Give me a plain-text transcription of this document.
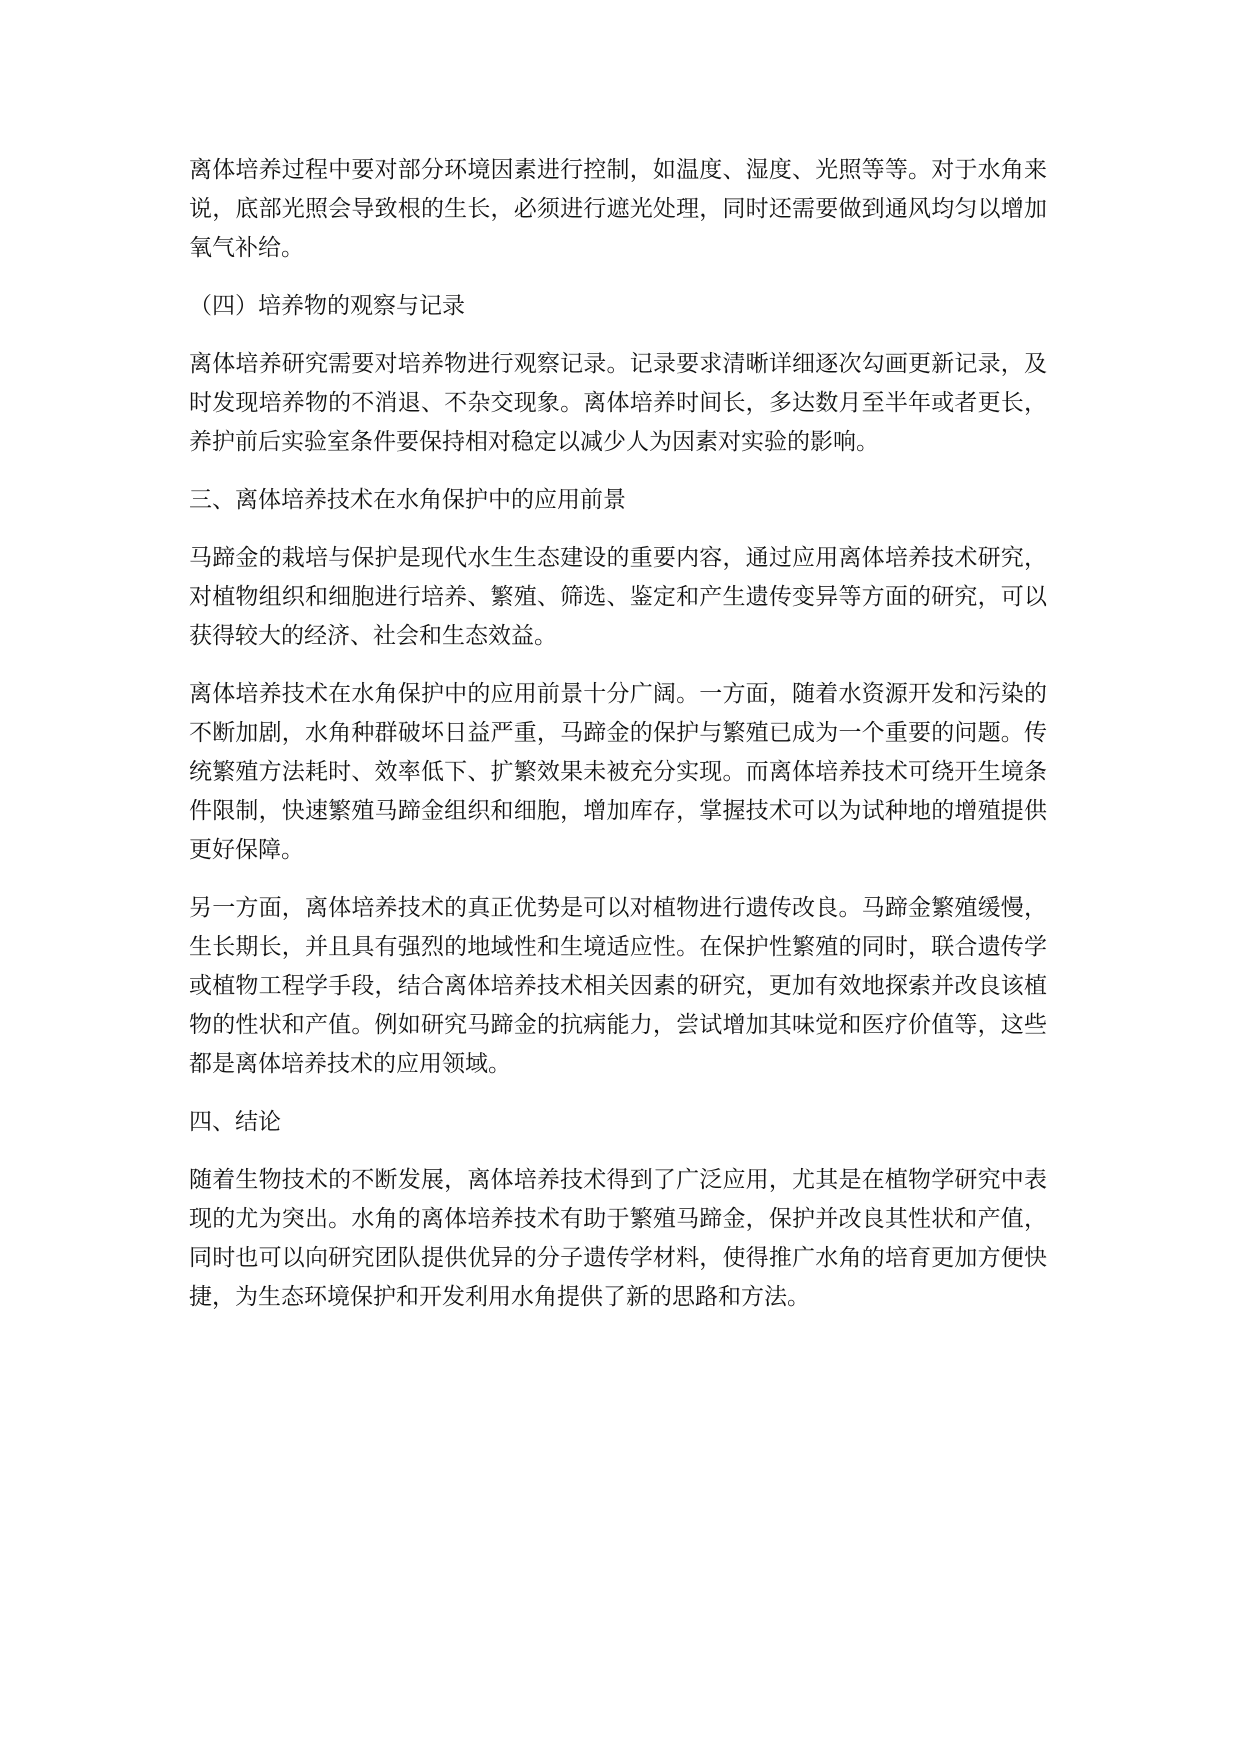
离体培养过程中要对部分环境因素进行控制，如温度、湿度、光照等等。对于水角来说，底部光照会导致根的生长，必须进行遮光处理，同时还需要做到通风均匀以增加氧气补给。

（四）培养物的观察与记录

离体培养研究需要对培养物进行观察记录。记录要求清晰详细逐次勾画更新记录，及时发现培养物的不消退、不杂交现象。离体培养时间长，多达数月至半年或者更长，养护前后实验室条件要保持相对稳定以减少人为因素对实验的影响。

三、离体培养技术在水角保护中的应用前景

马蹄金的栽培与保护是现代水生生态建设的重要内容，通过应用离体培养技术研究，对植物组织和细胞进行培养、繁殖、筛选、鉴定和产生遗传变异等方面的研究，可以获得较大的经济、社会和生态效益。

离体培养技术在水角保护中的应用前景十分广阔。一方面，随着水资源开发和污染的不断加剧，水角种群破坏日益严重，马蹄金的保护与繁殖已成为一个重要的问题。传统繁殖方法耗时、效率低下、扩繁效果未被充分实现。而离体培养技术可绕开生境条件限制，快速繁殖马蹄金组织和细胞，增加库存，掌握技术可以为试种地的增殖提供更好保障。

另一方面，离体培养技术的真正优势是可以对植物进行遗传改良。马蹄金繁殖缓慢，生长期长，并且具有强烈的地域性和生境适应性。在保护性繁殖的同时，联合遗传学或植物工程学手段，结合离体培养技术相关因素的研究，更加有效地探索并改良该植物的性状和产值。例如研究马蹄金的抗病能力，尝试增加其味觉和医疗价值等，这些都是离体培养技术的应用领域。

四、结论

随着生物技术的不断发展，离体培养技术得到了广泛应用，尤其是在植物学研究中表现的尤为突出。水角的离体培养技术有助于繁殖马蹄金，保护并改良其性状和产值，同时也可以向研究团队提供优异的分子遗传学材料，使得推广水角的培育更加方便快捷，为生态环境保护和开发利用水角提供了新的思路和方法。
